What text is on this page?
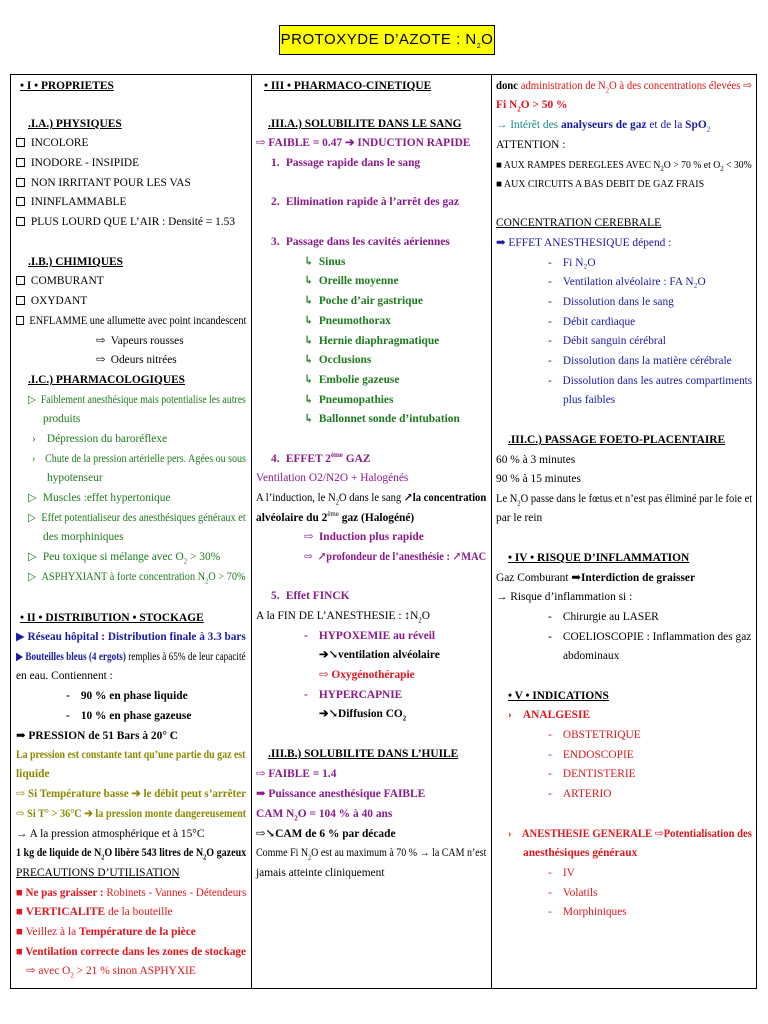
PROTOXYDE D’AZOTE : $N_2O$
• I • PROPRIETES
.I.A.) PHYSIQUES
INCOLORE
INODORE - INSIPIDE
NON IRRITANT POUR LES VAS
ININFLAMMABLE
PLUS LOURD QUE L’AIR : Densité = 1.53
.I.B.) CHIMIQUES
COMBURANT
OXYDANT
ENFLAMME une allumette avec point incandescent
⇨ Vapeurs rousses
⇨ Odeurs nitrées
.I.C.) PHARMACOLOGIQUES
▷ Faiblement anesthésique mais potentialise les autres
produits
› Dépression du baroréflexe
› Chute de la pression artérielle pers. Agées ou sous
hypotenseur
▷ Muscles :effet hypertonique
▷ Effet potentialiseur des anesthésiques généraux et
des morphiniques
▷ Peu toxique si mélange avec $O_2 > 30\%$
▷ ASPHYXIANT à forte concentration $N_2O > 70\%$
• II • DISTRIBUTION • STOCKAGE
▶ Réseau hôpital : Distribution finale à 3.3 bars
▶ Bouteilles bleus (4 ergots) remplies à 65% de leur capacité
en eau. Contiennent :
- 90 % en phase liquide
- 10 % en phase gazeuse
➡ PRESSION de 51 Bars à 20° C
La pression est constante tant qu’une partie du gaz est
liquide
⇨ Si Température basse ➔ le débit peut s’arrêter
⇨ Si T° > 36°C ➔ la pression monte dangereusement
→ A la pression atmosphérique et à 15°C
1 kg de liquide de $N_2O$ libère 543 litres de $N_2O$ gazeux
PRECAUTIONS D’UTILISATION
■ Ne pas graisser : Robinets - Vannes - Détendeurs
■ VERTICALITE de la bouteille
■ Veillez à la Température de la pièce
■ Ventilation correcte dans les zones de stockage
⇨ avec $O_2 > 21$ % sinon ASPHYXIE
• III • PHARMACO-CINETIQUE
.III.A.) SOLUBILITE DANS LE SANG
⇨ FAIBLE = 0.47 ➔ INDUCTION RAPIDE
1. Passage rapide dans le sang
2. Elimination rapide à l’arrêt des gaz
3. Passage dans les cavités aériennes
↳ Sinus
↳ Oreille moyenne
↳ Poche d’air gastrique
↳ Pneumothorax
↳ Hernie diaphragmatique
↳ Occlusions
↳ Embolie gazeuse
↳ Pneumopathies
↳ Ballonnet sonde d’intubation
4. EFFET 2ème GAZ
Ventilation O2/N2O + Halogénés
A l’induction, le $N_2O$ dans le sang ↗la concentration
alvéolaire du 2ème gaz (Halogéné)
⇨ Induction plus rapide
⇨ ↗profondeur de l’anesthésie : ↗MAC
5. Effet FINCK
A la FIN DE L’ANESTHESIE : $↕N_2O$
- HYPOXEMIE au réveil
➔↘ventilation alvéolaire
⇨ Oxygénothérapie
- HYPERCAPNIE
➔↘Diffusion $CO_2$
.III.B.) SOLUBILITE DANS L’HUILE
⇨ FAIBLE = 1.4
➡ Puissance anesthésique FAIBLE
CAM $N_2O = 104$ % à 40 ans
⇨↘CAM de 6 % par décade
Comme Fi $N_2O$ est au maximum à 70 % → la CAM n’est
jamais atteinte cliniquement
donc administration de $N_2O$ à des concentrations élevées ⇨
Fi $N_2O > 50$ %
→ Intérêt des analyseurs de gaz et de la SpO$_2$
ATTENTION :
■ AUX RAMPES DEREGLEES AVEC $N_2O > 70$ % et $O_2 < 30\%$
■ AUX CIRCUITS A BAS DEBIT DE GAZ FRAIS
CONCENTRATION CEREBRALE
➡ EFFET ANESTHESIQUE dépend :
- Fi N₂O
- Ventilation alvéolaire : FA N₂O
- Dissolution dans le sang
- Débit cardiaque
- Débit sanguin cérébral
- Dissolution dans la matière cérébrale
- Dissolution dans les autres compartiments
plus faibles
.III.C.) PASSAGE FOETO-PLACENTAIRE
60 % à 3 minutes
90 % à 15 minutes
Le $N_2O$ passe dans le fœtus et n’est pas éliminé par le foie et
par le rein
• IV • RISQUE D’INFLAMMATION
Gaz Comburant ➡Interdiction de graisser
→ Risque d’inflammation si :
- Chirurgie au LASER
- COELIOSCOPIE : Inflammation des gaz
abdominaux
• V • INDICATIONS
› ANALGESIE
- OBSTETRIQUE
- ENDOSCOPIE
- DENTISTERIE
- ARTERIO
› ANESTHESIE GENERALE ⇨Potentialisation des
anesthésiques généraux
- IV
- Volatils
- Morphiniques
